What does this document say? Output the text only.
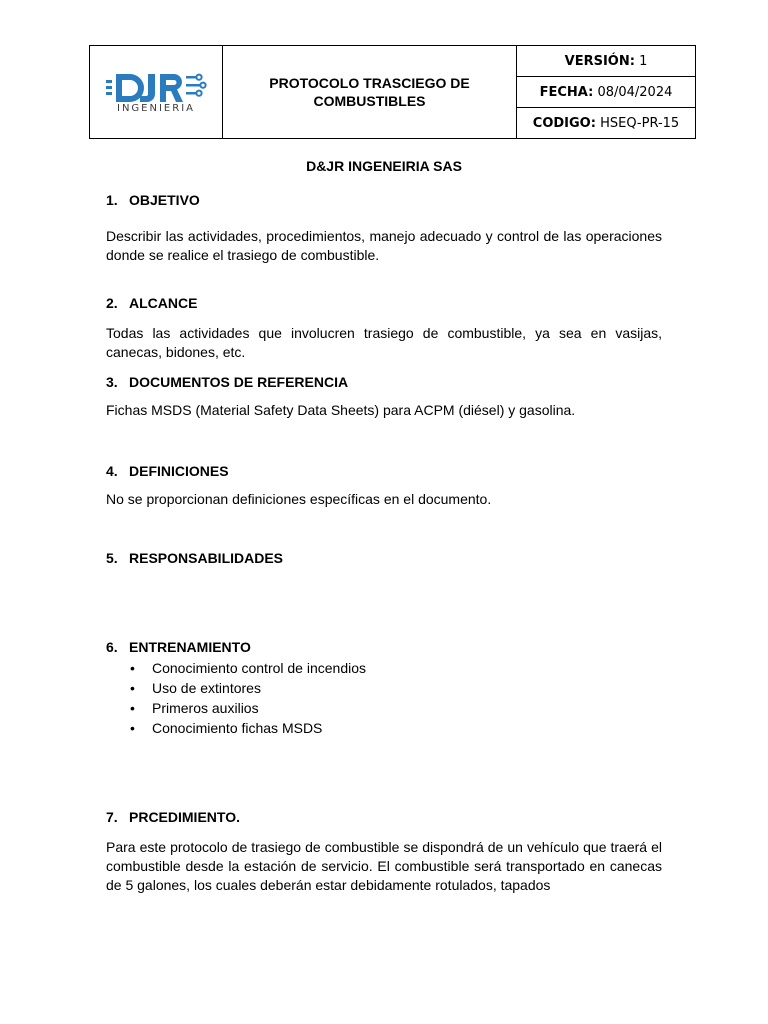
INGENIERIA

PROTOCOLO TRASCIEGO DE
COMBUSTIBLES
	VERSIÓN: 1
FECHA: 08/04/2024
CODIGO: HSEQ-PR-15
D&JR INGENEIRIA SAS
1. OBJETIVO

Describir las actividades, procedimientos, manejo adecuado y control de las operaciones donde se realice el trasiego de combustible.

2. ALCANCE

Todas las actividades que involucren trasiego de combustible, ya sea en vasijas, canecas, bidones, etc.

3. DOCUMENTOS DE REFERENCIA

Fichas MSDS (Material Safety Data Sheets) para ACPM (diésel) y gasolina.

4. DEFINICIONES

No se proporcionan definiciones específicas en el documento.

5. RESPONSABILIDADES
6. ENTRENAMIENTO
• Conocimiento control de incendios
• Uso de extintores
• Primeros auxilios
• Conocimiento fichas MSDS
7. PRCEDIMIENTO.

Para este protocolo de trasiego de combustible se dispondrá de un vehículo que traerá el combustible desde la estación de servicio. El combustible será transportado en canecas de 5 galones, los cuales deberán estar debidamente rotulados, tapados
